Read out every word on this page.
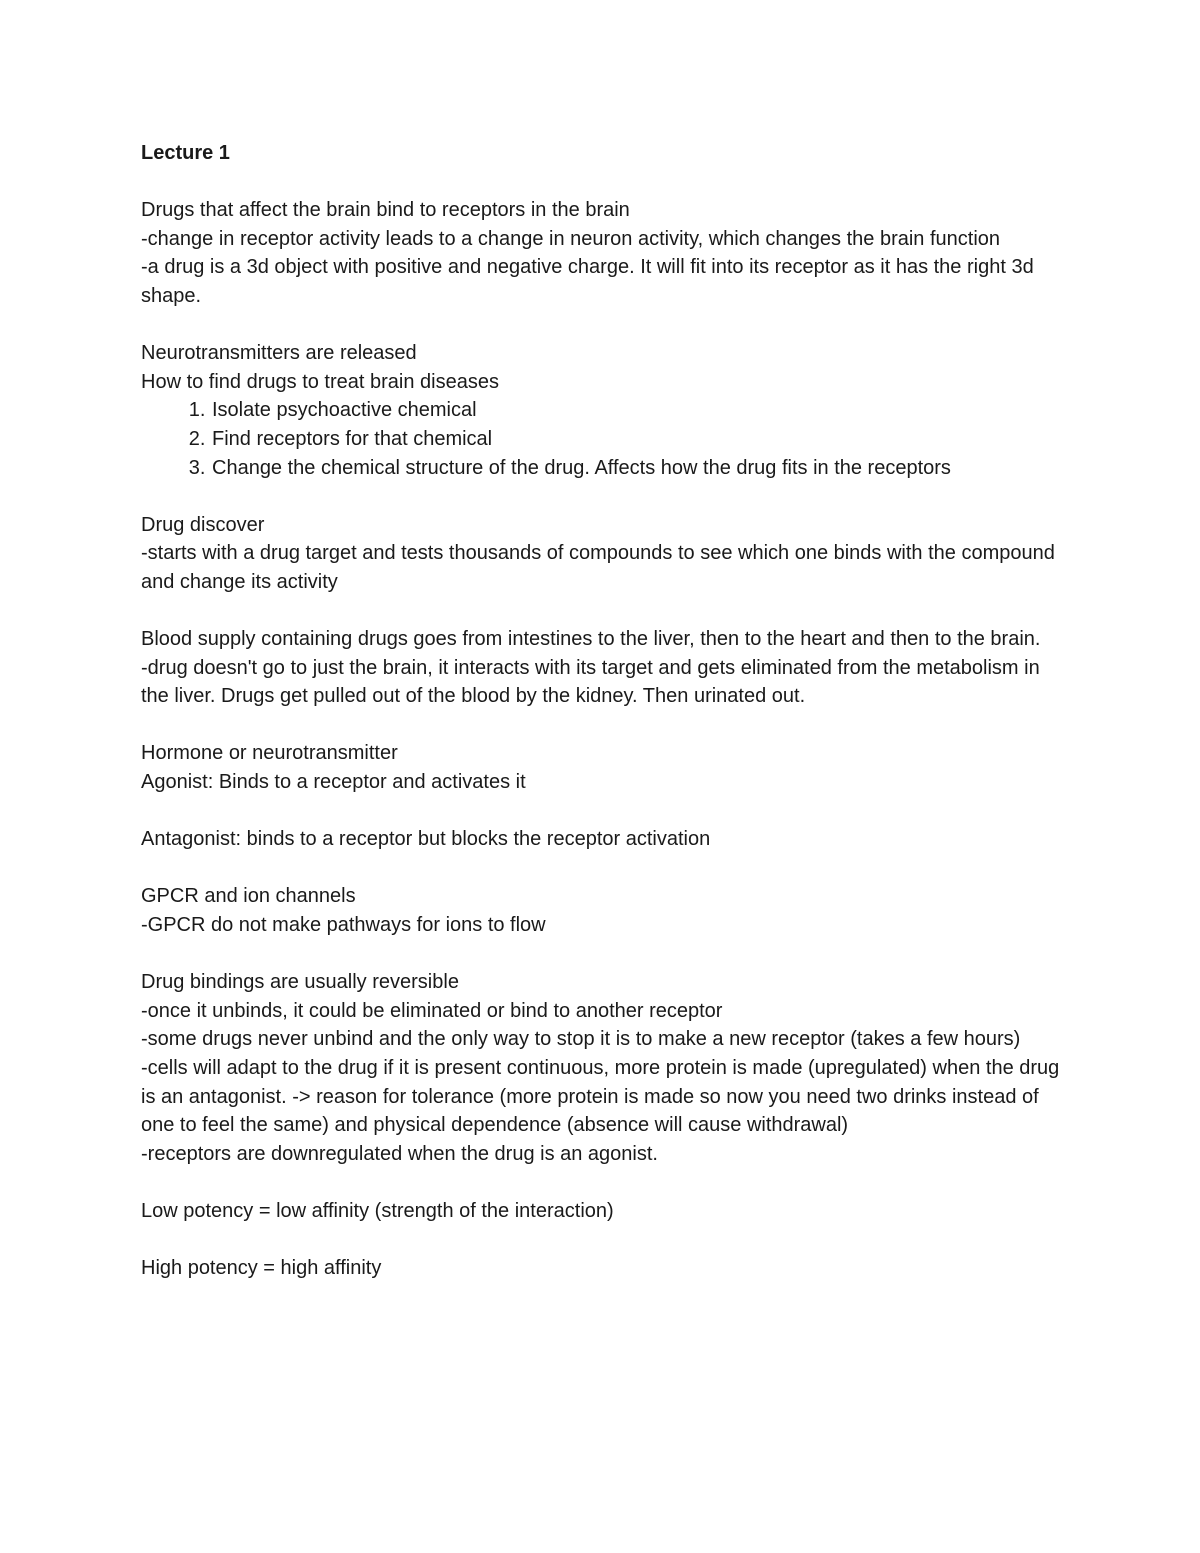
Lecture 1

Drugs that affect the brain bind to receptors in the brain

-change in receptor activity leads to a change in neuron activity, which changes the brain function

-a drug is a 3d object with positive and negative charge. It will fit into its receptor as it has the right 3d shape.

Neurotransmitters are released

How to find drugs to treat brain diseases

1. Isolate psychoactive chemical
2. Find receptors for that chemical
3. Change the chemical structure of the drug. Affects how the drug fits in the receptors

Drug discover

-starts with a drug target and tests thousands of compounds to see which one binds with the compound and change its activity

Blood supply containing drugs goes from intestines to the liver, then to the heart and then to the brain.

-drug doesn't go to just the brain, it interacts with its target and gets eliminated from the metabolism in the liver. Drugs get pulled out of the blood by the kidney. Then urinated out.

Hormone or neurotransmitter

Agonist: Binds to a receptor and activates it

Antagonist: binds to a receptor but blocks the receptor activation

GPCR and ion channels

-GPCR do not make pathways for ions to flow

Drug bindings are usually reversible

-once it unbinds, it could be eliminated or bind to another receptor

-some drugs never unbind and the only way to stop it is to make a new receptor (takes a few hours)

-cells will adapt to the drug if it is present continuous, more protein is made (upregulated) when the drug is an antagonist. -> reason for tolerance (more protein is made so now you need two drinks instead of one to feel the same) and physical dependence (absence will cause withdrawal)

-receptors are downregulated when the drug is an agonist.

Low potency = low affinity (strength of the interaction)

High potency = high affinity
